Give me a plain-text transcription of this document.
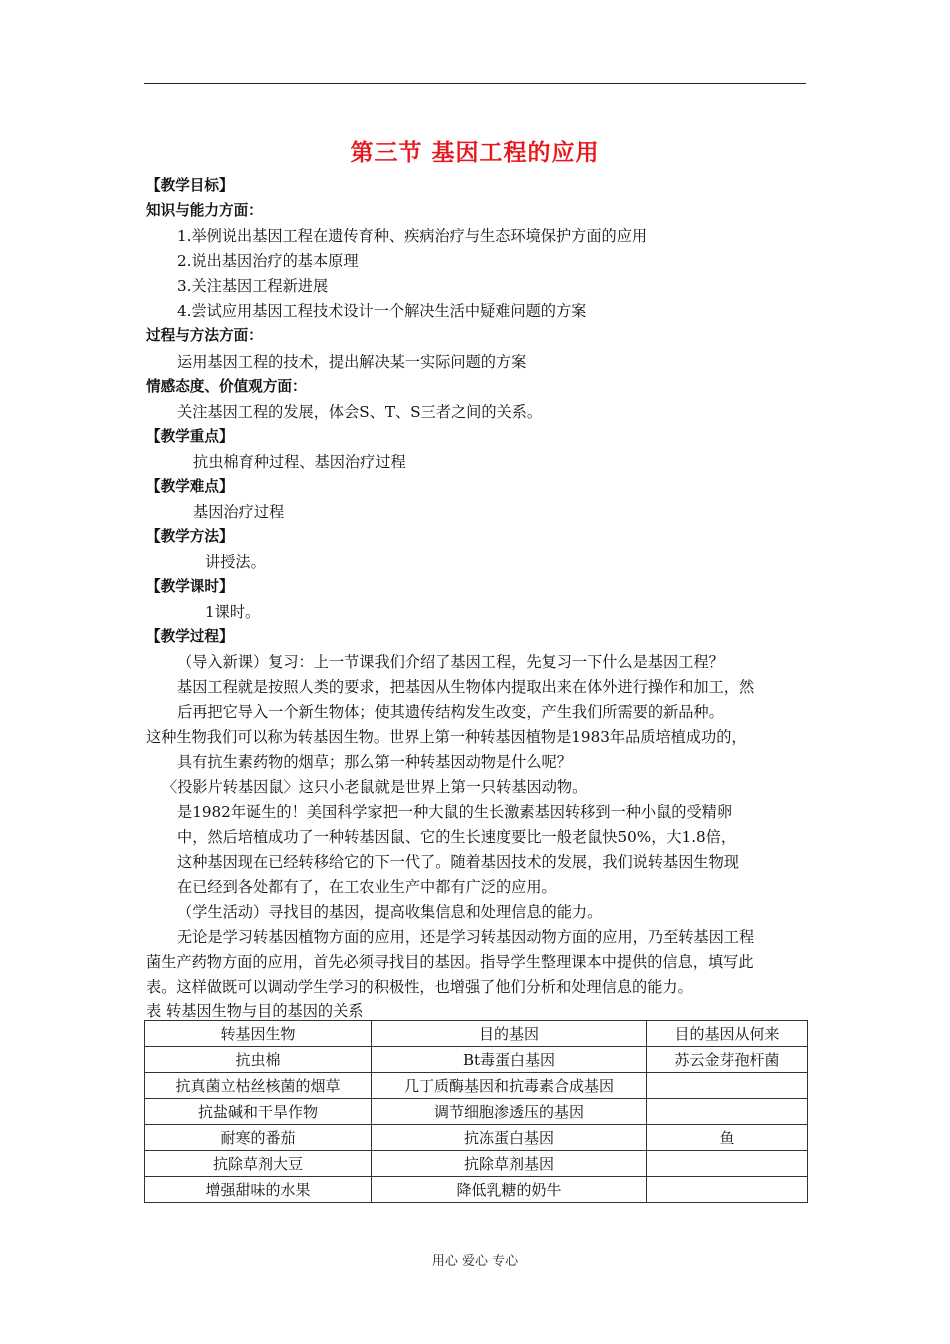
第三节 基因工程的应用
【教学目标】
知识与能力方面：
1.举例说出基因工程在遗传育种、疾病治疗与生态环境保护方面的应用
2.说出基因治疗的基本原理
3.关注基因工程新进展
4.尝试应用基因工程技术设计一个解决生活中疑难问题的方案
过程与方法方面：
运用基因工程的技术，提出解决某一实际问题的方案
情感态度、价值观方面：
关注基因工程的发展，体会S、T、S三者之间的关系。
【教学重点】
抗虫棉育种过程、基因治疗过程
【教学难点】
基因治疗过程
【教学方法】
讲授法。
【教学课时】
1课时。
【教学过程】
（导入新课）复习：上一节课我们介绍了基因工程，先复习一下什么是基因工程？
基因工程就是按照人类的要求，把基因从生物体内提取出来在体外进行操作和加工，然
后再把它导入一个新生物体；使其遗传结构发生改变，产生我们所需要的新品种。
这种生物我们可以称为转基因生物。世界上第一种转基因植物是1983年品质培植成功的，
具有抗生素药物的烟草；那么第一种转基因动物是什么呢？
〈投影片转基因鼠〉这只小老鼠就是世界上第一只转基因动物。
是1982年诞生的！美国科学家把一种大鼠的生长激素基因转移到一种小鼠的受精卵
中，然后培植成功了一种转基因鼠、它的生长速度要比一般老鼠快50%，大1.8倍，
这种基因现在已经转移给它的下一代了。随着基因技术的发展，我们说转基因生物现
在已经到各处都有了，在工农业生产中都有广泛的应用。
（学生活动）寻找目的基因，提高收集信息和处理信息的能力。
无论是学习转基因植物方面的应用，还是学习转基因动物方面的应用，乃至转基因工程
菌生产药物方面的应用，首先必须寻找目的基因。指导学生整理课本中提供的信息，填写此
表。这样做既可以调动学生学习的积极性，也增强了他们分析和处理信息的能力。
表 转基因生物与目的基因的关系
转基因生物	目的基因	目的基因从何来
抗虫棉	Bt毒蛋白基因	苏云金芽孢杆菌
抗真菌立枯丝核菌的烟草	几丁质酶基因和抗毒素合成基因	
抗盐碱和干旱作物	调节细胞渗透压的基因	
耐寒的番茄	抗冻蛋白基因	鱼
抗除草剂大豆	抗除草剂基因	
增强甜味的水果	降低乳糖的奶牛	
用心 爱心 专心
